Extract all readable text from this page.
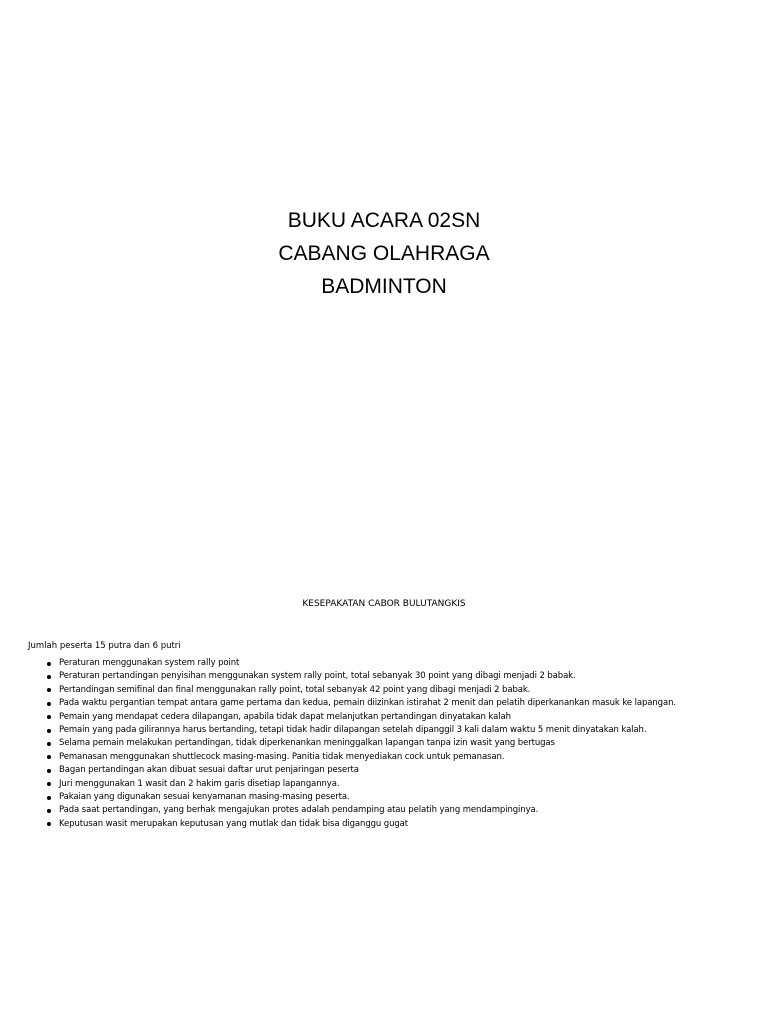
BUKU ACARA 02SN
CABANG OLAHRAGA
BADMINTON
KESEPAKATAN CABOR BULUTANGKIS
Jumlah peserta 15 putra dan 6 putri
Peraturan menggunakan system rally point
Peraturan pertandingan penyisihan menggunakan system rally point, total sebanyak 30 point yang dibagi menjadi 2 babak.
Pertandingan semifinal dan final menggunakan rally point, total sebanyak 42 point yang dibagi menjadi 2 babak.
Pada waktu pergantian tempat antara game pertama dan kedua, pemain diizinkan istirahat 2 menit dan pelatih diperkanankan masuk ke lapangan.
Pemain yang mendapat cedera dilapangan, apabila tidak dapat melanjutkan pertandingan dinyatakan kalah
Pemain yang pada gilirannya harus bertanding, tetapi tidak hadir dilapangan setelah dipanggil 3 kali dalam waktu 5 menit dinyatakan kalah.
Selama pemain melakukan pertandingan, tidak diperkenankan meninggalkan lapangan tanpa izin wasit yang bertugas
Pemanasan menggunakan shuttlecock masing-masing. Panitia tidak menyediakan cock untuk pemanasan.
Bagan pertandingan akan dibuat sesuai daftar urut penjaringan peserta
Juri menggunakan 1 wasit dan 2 hakim garis disetiap lapangannya.
Pakaian yang digunakan sesuai kenyamanan masing-masing peserta.
Pada saat pertandingan, yang berhak mengajukan protes adalah pendamping atau pelatih yang mendampinginya.
Keputusan wasit merupakan keputusan yang mutlak dan tidak bisa diganggu gugat
